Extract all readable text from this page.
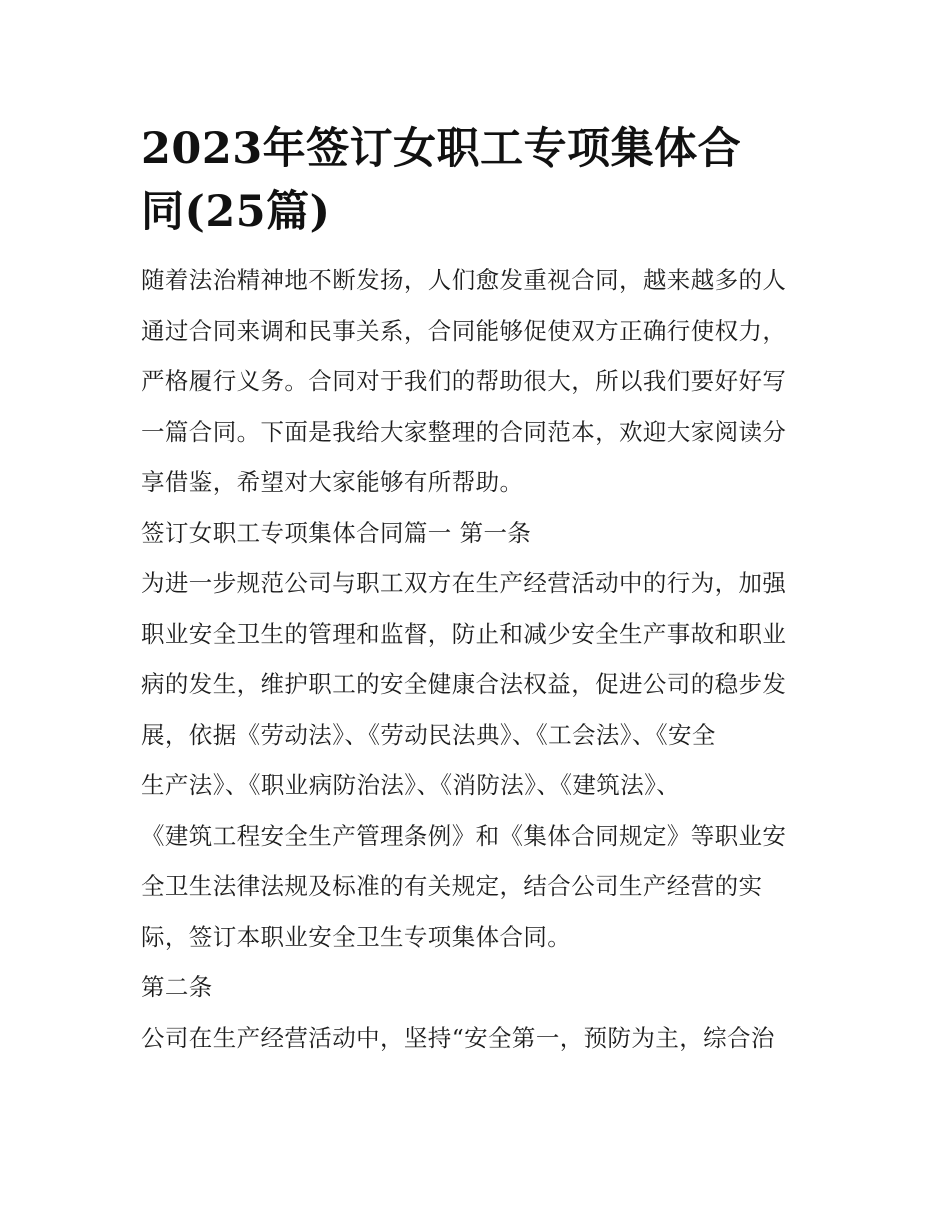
2023年签订女职工专项集体合
同(25篇)

随着法治精神地不断发扬，人们愈发重视合同，越来越多的人
通过合同来调和民事关系，合同能够促使双方正确行使权力，
严格履行义务。合同对于我们的帮助很大，所以我们要好好写
一篇合同。下面是我给大家整理的合同范本，欢迎大家阅读分
享借鉴，希望对大家能够有所帮助。

签订女职工专项集体合同篇一 第一条

为进一步规范公司与职工双方在生产经营活动中的行为，加强
职业安全卫生的管理和监督，防止和减少安全生产事故和职业
病的发生，维护职工的安全健康合法权益，促进公司的稳步发
展，依据《劳动法》、《劳动民法典》、《工会法》、《安全
生产法》、《职业病防治法》、《消防法》、《建筑法》、
《建筑工程安全生产管理条例》和《集体合同规定》等职业安
全卫生法律法规及标准的有关规定，结合公司生产经营的实
际，签订本职业安全卫生专项集体合同。

第二条

公司在生产经营活动中，坚持“安全第一，预防为主，综合治
